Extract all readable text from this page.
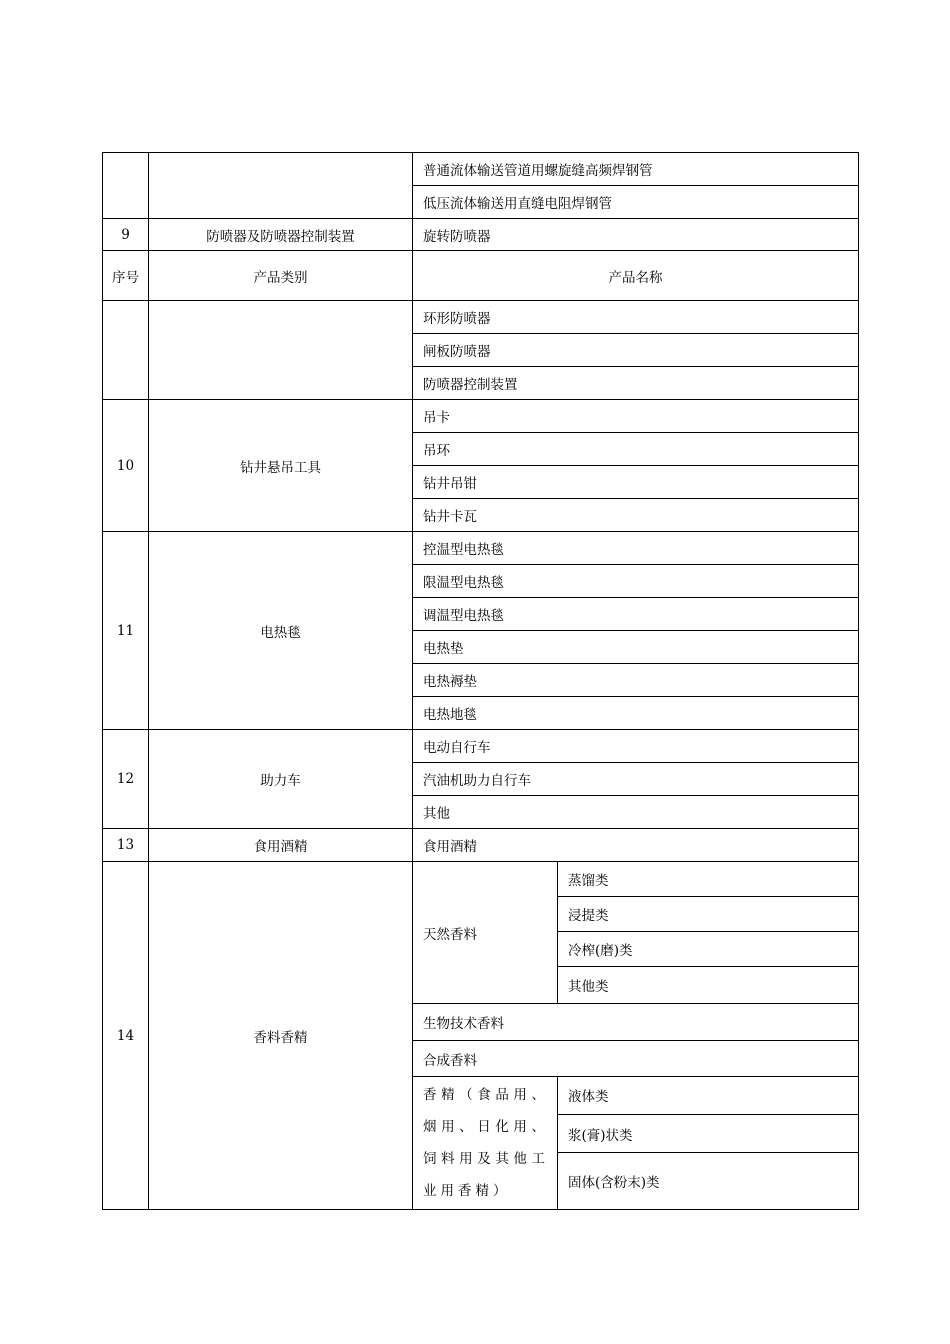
		普通流体输送管道用螺旋缝高频焊钢管	
		低压流体输送用直缝电阻焊钢管	
9	防喷器及防喷器控制装置	旋转防喷器	
序号	产品类别	产品名称	
		环形防喷器	
		闸板防喷器	
		防喷器控制装置	
10	钻井悬吊工具	吊卡	
		吊环	
		钻井吊钳	
		钻井卡瓦	
11	电热毯	控温型电热毯	
		限温型电热毯	
		调温型电热毯	
		电热垫	
		电热褥垫	
		电热地毯	
12	助力车	电动自行车	
		汽油机助力自行车	
		其他	
13	食用酒精	食用酒精	
14	香料香精	天然香料	蒸馏类
			浸提类
			冷榨(磨)类
			其他类
		生物技术香料	
		合成香料	
		香精（食品用、烟用、日化用、饲料用及其他工业用香精）	液体类
			浆(膏)状类
			固体(含粉末)类
